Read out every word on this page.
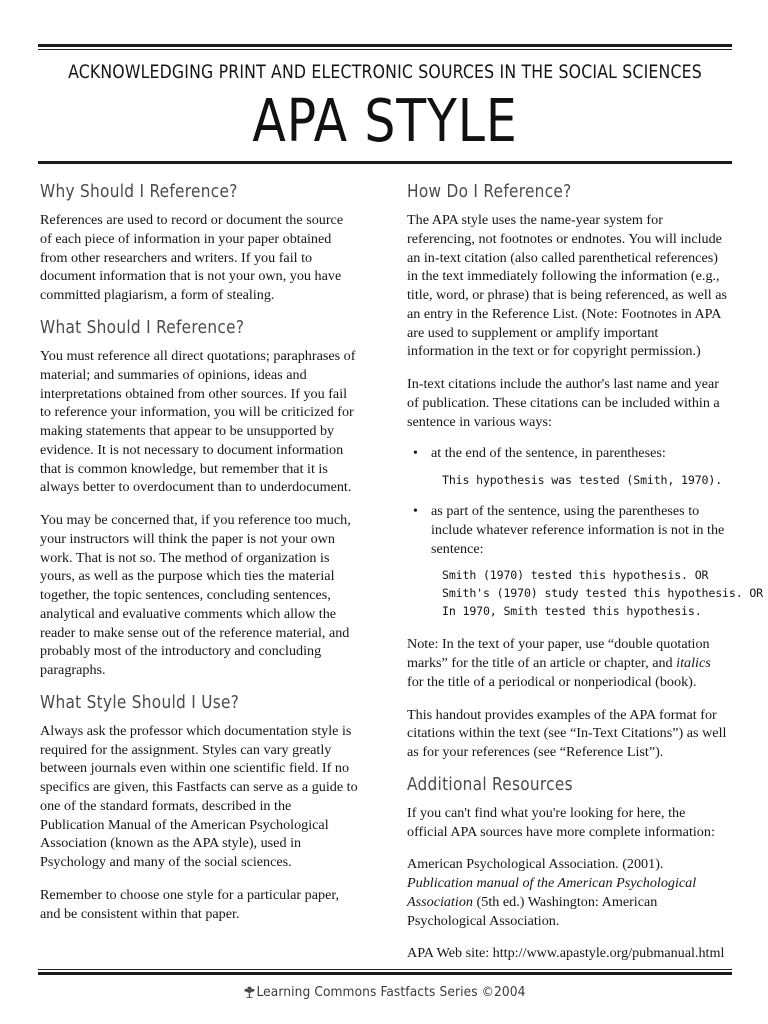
ACKNOWLEDGING PRINT AND ELECTRONIC SOURCES IN THE SOCIAL SCIENCES
APA STYLE
Why Should I Reference?

References are used to record or document the source of each piece of information in your paper obtained from other researchers and writers. If you fail to document information that is not your own, you have committed plagiarism, a form of stealing.

What Should I Reference?

You must reference all direct quotations; paraphrases of material; and summaries of opinions, ideas and interpretations obtained from other sources. If you fail to reference your information, you will be criticized for making statements that appear to be unsupported by evidence. It is not necessary to document information that is common knowledge, but remember that it is always better to overdocument than to underdocument.

You may be concerned that, if you reference too much, your instructors will think the paper is not your own work. That is not so. The method of organization is yours, as well as the purpose which ties the material together, the topic sentences, concluding sentences, analytical and evaluative comments which allow the reader to make sense out of the reference material, and probably most of the introductory and concluding paragraphs.

What Style Should I Use?

Always ask the professor which documentation style is required for the assignment. Styles can vary greatly between journals even within one scientific field. If no specifics are given, this Fastfacts can serve as a guide to one of the standard formats, described in the Publication Manual of the American Psychological Association (known as the APA style), used in Psychology and many of the social sciences.

Remember to choose one style for a particular paper, and be consistent within that paper.

How Do I Reference?

The APA style uses the name-year system for referencing, not footnotes or endnotes. You will include an in-text citation (also called parenthetical references) in the text immediately following the information (e.g., title, word, or phrase) that is being referenced, as well as an entry in the Reference List. (Note: Footnotes in APA are used to supplement or amplify important information in the text or for copyright permission.)

In-text citations include the author's last name and year of publication. These citations can be included within a sentence in various ways:

• at the end of the sentence, in parentheses:
This hypothesis was tested (Smith, 1970).
• as part of the sentence, using the parentheses to include whatever reference information is not in the sentence:
Smith (1970) tested this hypothesis. OR
Smith's (1970) study tested this hypothesis. OR
In 1970, Smith tested this hypothesis.

Note: In the text of your paper, use “double quotation marks” for the title of an article or chapter, and italics for the title of a periodical or nonperiodical (book).

This handout provides examples of the APA format for citations within the text (see “In-Text Citations”) as well as for your references (see “Reference List”).

Additional Resources

If you can't find what you're looking for here, the official APA sources have more complete information:

American Psychological Association. (2001). Publication manual of the American Psychological Association (5th ed.) Washington: American Psychological Association.

APA Web site: http://www.apastyle.org/pubmanual.html

Learning Commons Fastfacts Series ©2004
